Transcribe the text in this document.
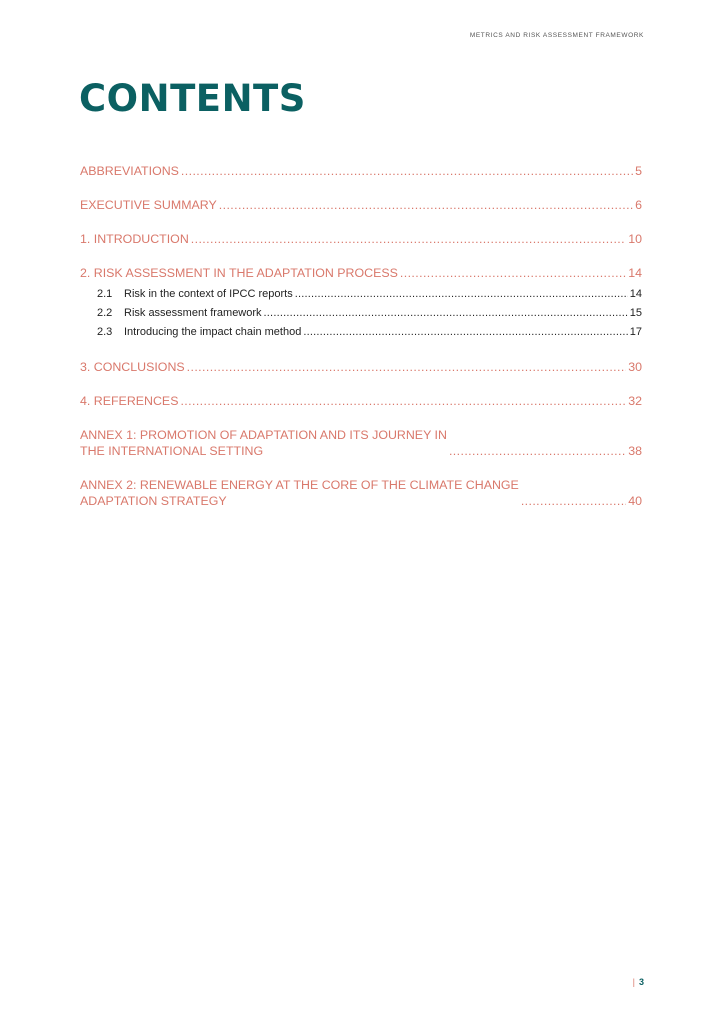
METRICS AND RISK ASSESSMENT FRAMEWORK
CONTENTS
ABBREVIATIONS .....	5
EXECUTIVE SUMMARY .....	6
1. INTRODUCTION .....	10
2. RISK ASSESSMENT IN THE ADAPTATION PROCESS .....	14
2.1	Risk in the context of IPCC reports .....	14
2.2	Risk assessment framework .....	15
2.3	Introducing the impact chain method .....	17
3. CONCLUSIONS .....	30
4. REFERENCES .....	32
ANNEX 1: PROMOTION OF ADAPTATION AND ITS JOURNEY IN
THE INTERNATIONAL SETTING .....	38
ANNEX 2: RENEWABLE ENERGY AT THE CORE OF THE CLIMATE CHANGE
ADAPTATION STRATEGY .....	40
| 3
